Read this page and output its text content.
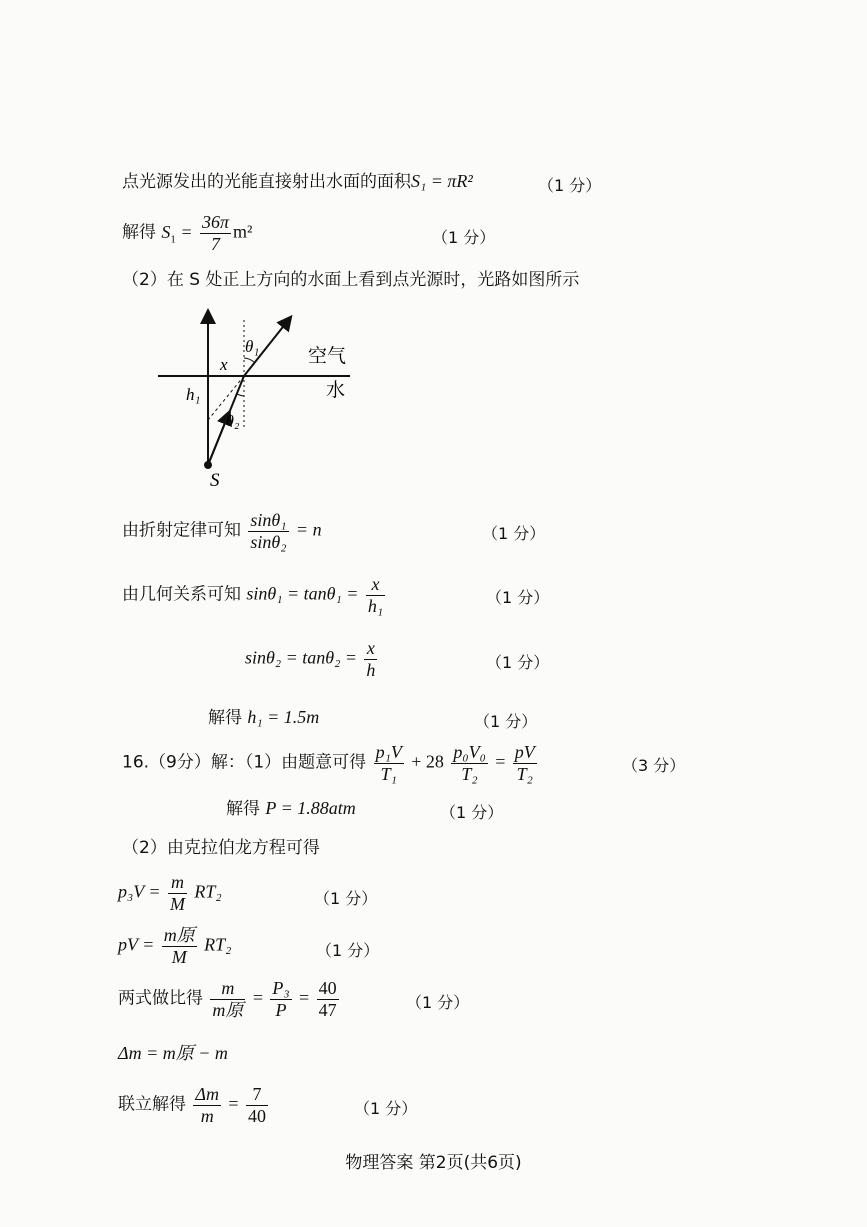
点光源发出的光能直接射出水面的面积S₁ = πR²	（1 分）
解得 $S_1 = \frac{36\pi}{7} m^2$	（1 分）
（2）在 S 处正上方向的水面上看到点光源时，光路如图所示
θ₁
θ₂
x
h₁
S
空气
水
由折射定律可知 $\frac{\text{sinθ₁}}{\text{sinθ₂}} = n$	（1 分）
由几何关系可知 $\sin\theta_1 = \tan\theta_1 = \frac{x}{\text{h₁}}$	（1 分）
$\sin\theta_2 = \tan\theta_2 = \frac{x}{h}$	（1 分）
解得 h₁ = 1.5m	（1 分）
16.（9分）解：（1）由题意可得 $\frac{\text{p₁V}}{\text{T₁}} + 28 \frac{\text{p₀V₀}}{\text{T₂}} = \frac{pV}{\text{T₂}}$	（3 分）
解得 P = 1.88atm	（1 分）
（2）由克拉伯龙方程可得
$p_3V = \frac{m}{M} RT_2$	（1 分）
pV = $\frac{\text{m原}}{M} RT_2$	（1 分）
两式做比得 $\frac{m}{\text{m原}} = \frac{\text{P₃}}{P} = \frac{40}{47}$	（1 分）
Δm = m原 − m
联立解得 $\frac{\Delta m}{m} = \frac{7}{40}$	（1 分）
物理答案 第2页(共6页)
